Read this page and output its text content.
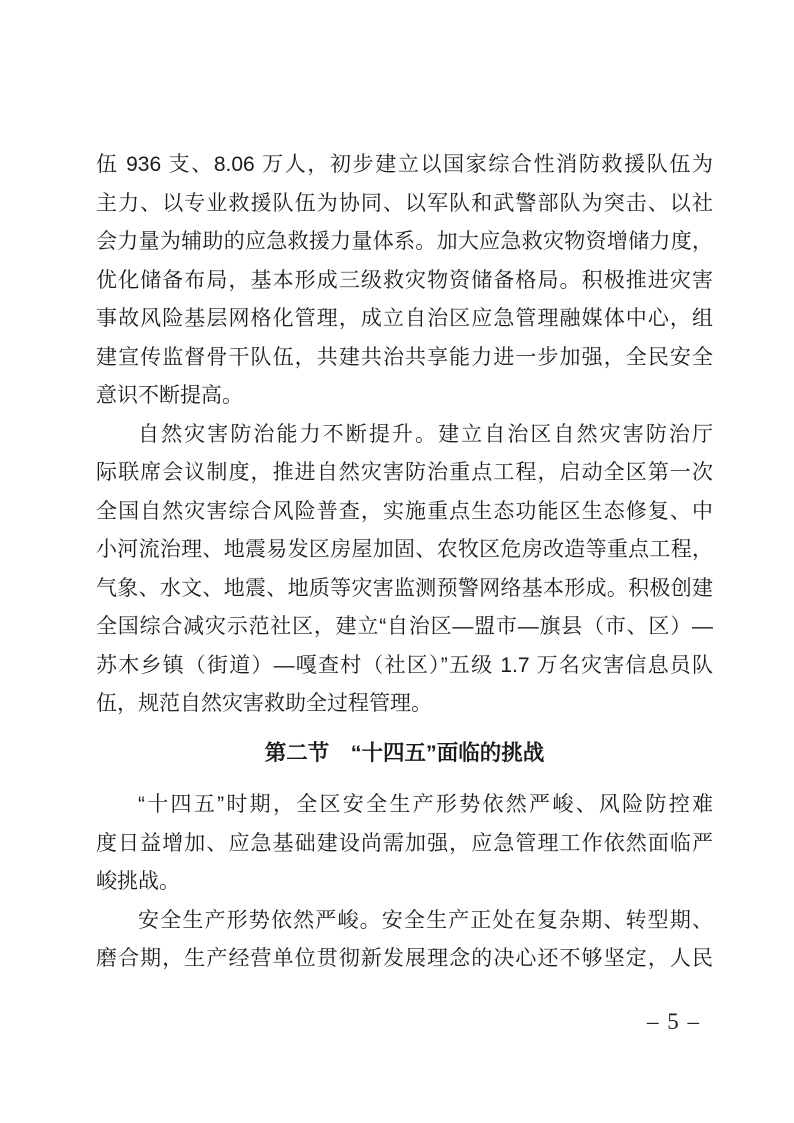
伍 936 支、8.06 万人，初步建立以国家综合性消防救援队伍为
主力、以专业救援队伍为协同、以军队和武警部队为突击、以社
会力量为辅助的应急救援力量体系。加大应急救灾物资增储力度，
优化储备布局，基本形成三级救灾物资储备格局。积极推进灾害
事故风险基层网格化管理，成立自治区应急管理融媒体中心，组
建宣传监督骨干队伍，共建共治共享能力进一步加强，全民安全
意识不断提高。
自然灾害防治能力不断提升。建立自治区自然灾害防治厅
际联席会议制度，推进自然灾害防治重点工程，启动全区第一次
全国自然灾害综合风险普查，实施重点生态功能区生态修复、中
小河流治理、地震易发区房屋加固、农牧区危房改造等重点工程，
气象、水文、地震、地质等灾害监测预警网络基本形成。积极创建
全国综合减灾示范社区，建立“自治区—盟市—旗县（市、区）—
苏木乡镇（街道）—嘎查村（社区）”五级 1.7 万名灾害信息员队
伍，规范自然灾害救助全过程管理。
第二节　“十四五”面临的挑战
“十四五”时期，全区安全生产形势依然严峻、风险防控难
度日益增加、应急基础建设尚需加强，应急管理工作依然面临严
峻挑战。
安全生产形势依然严峻。安全生产正处在复杂期、转型期、
磨合期，生产经营单位贯彻新发展理念的决心还不够坚定，人民
– 5 –
